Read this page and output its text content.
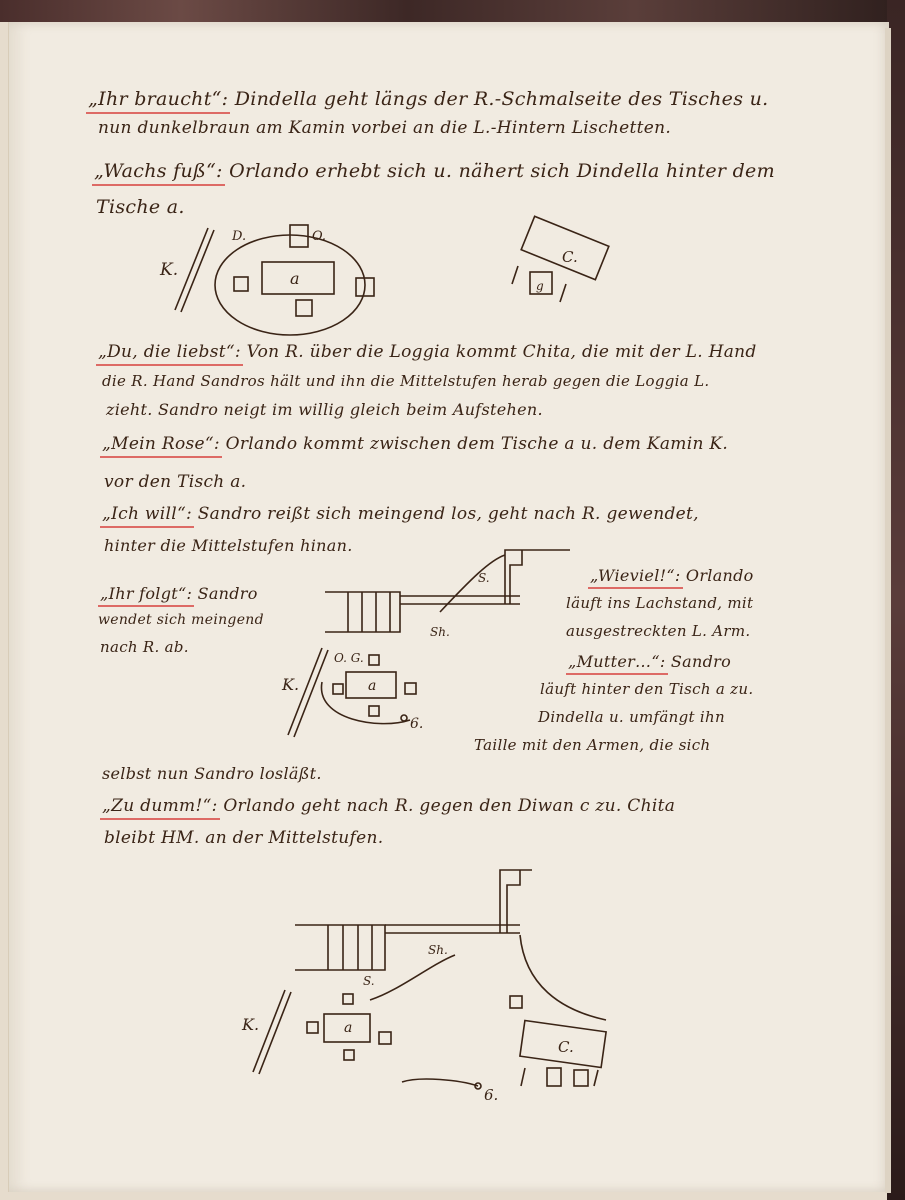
„Ihr braucht“: Dindella geht längs der R.-Schmalseite des Tisches u.
nun dunkelbraun am Kamin vorbei an die L.-Hintern Lischetten.
„Wachs fuß“: Orlando erhebt sich u. nähert sich Dindella hinter dem
Tische a.
„Du, die liebst“: Von R. über die Loggia kommt Chita, die mit der L. Hand
die R. Hand Sandros hält und ihn die Mittelstufen herab gegen die Loggia L.
zieht. Sandro neigt im willig gleich beim Aufstehen.
„Mein Rose“: Orlando kommt zwischen dem Tische a u. dem Kamin K.
vor den Tisch a.
„Ich will“: Sandro reißt sich meingend los, geht nach R. gewendet,
hinter die Mittelstufen hinan.
„Ihr folgt“: Sandro
wendet sich meingend
nach R. ab.
„Wieviel!“: Orlando
läuft ins Lachstand, mit
ausgestreckten L. Arm.
„Mutter…“: Sandro
läuft hinter den Tisch a zu.
Dindella u. umfängt ihn
Taille mit den Armen, die sich
selbst nun Sandro losläßt.
„Zu dumm!“: Orlando geht nach R. gegen den Diwan c zu. Chita
bleibt HM. an der Mittelstufen.
K.	a
O.
D.
C.
g
S.
Sh.
K.	a
O. G.
6.
Sh.
K.	a
S.
C.
6.
